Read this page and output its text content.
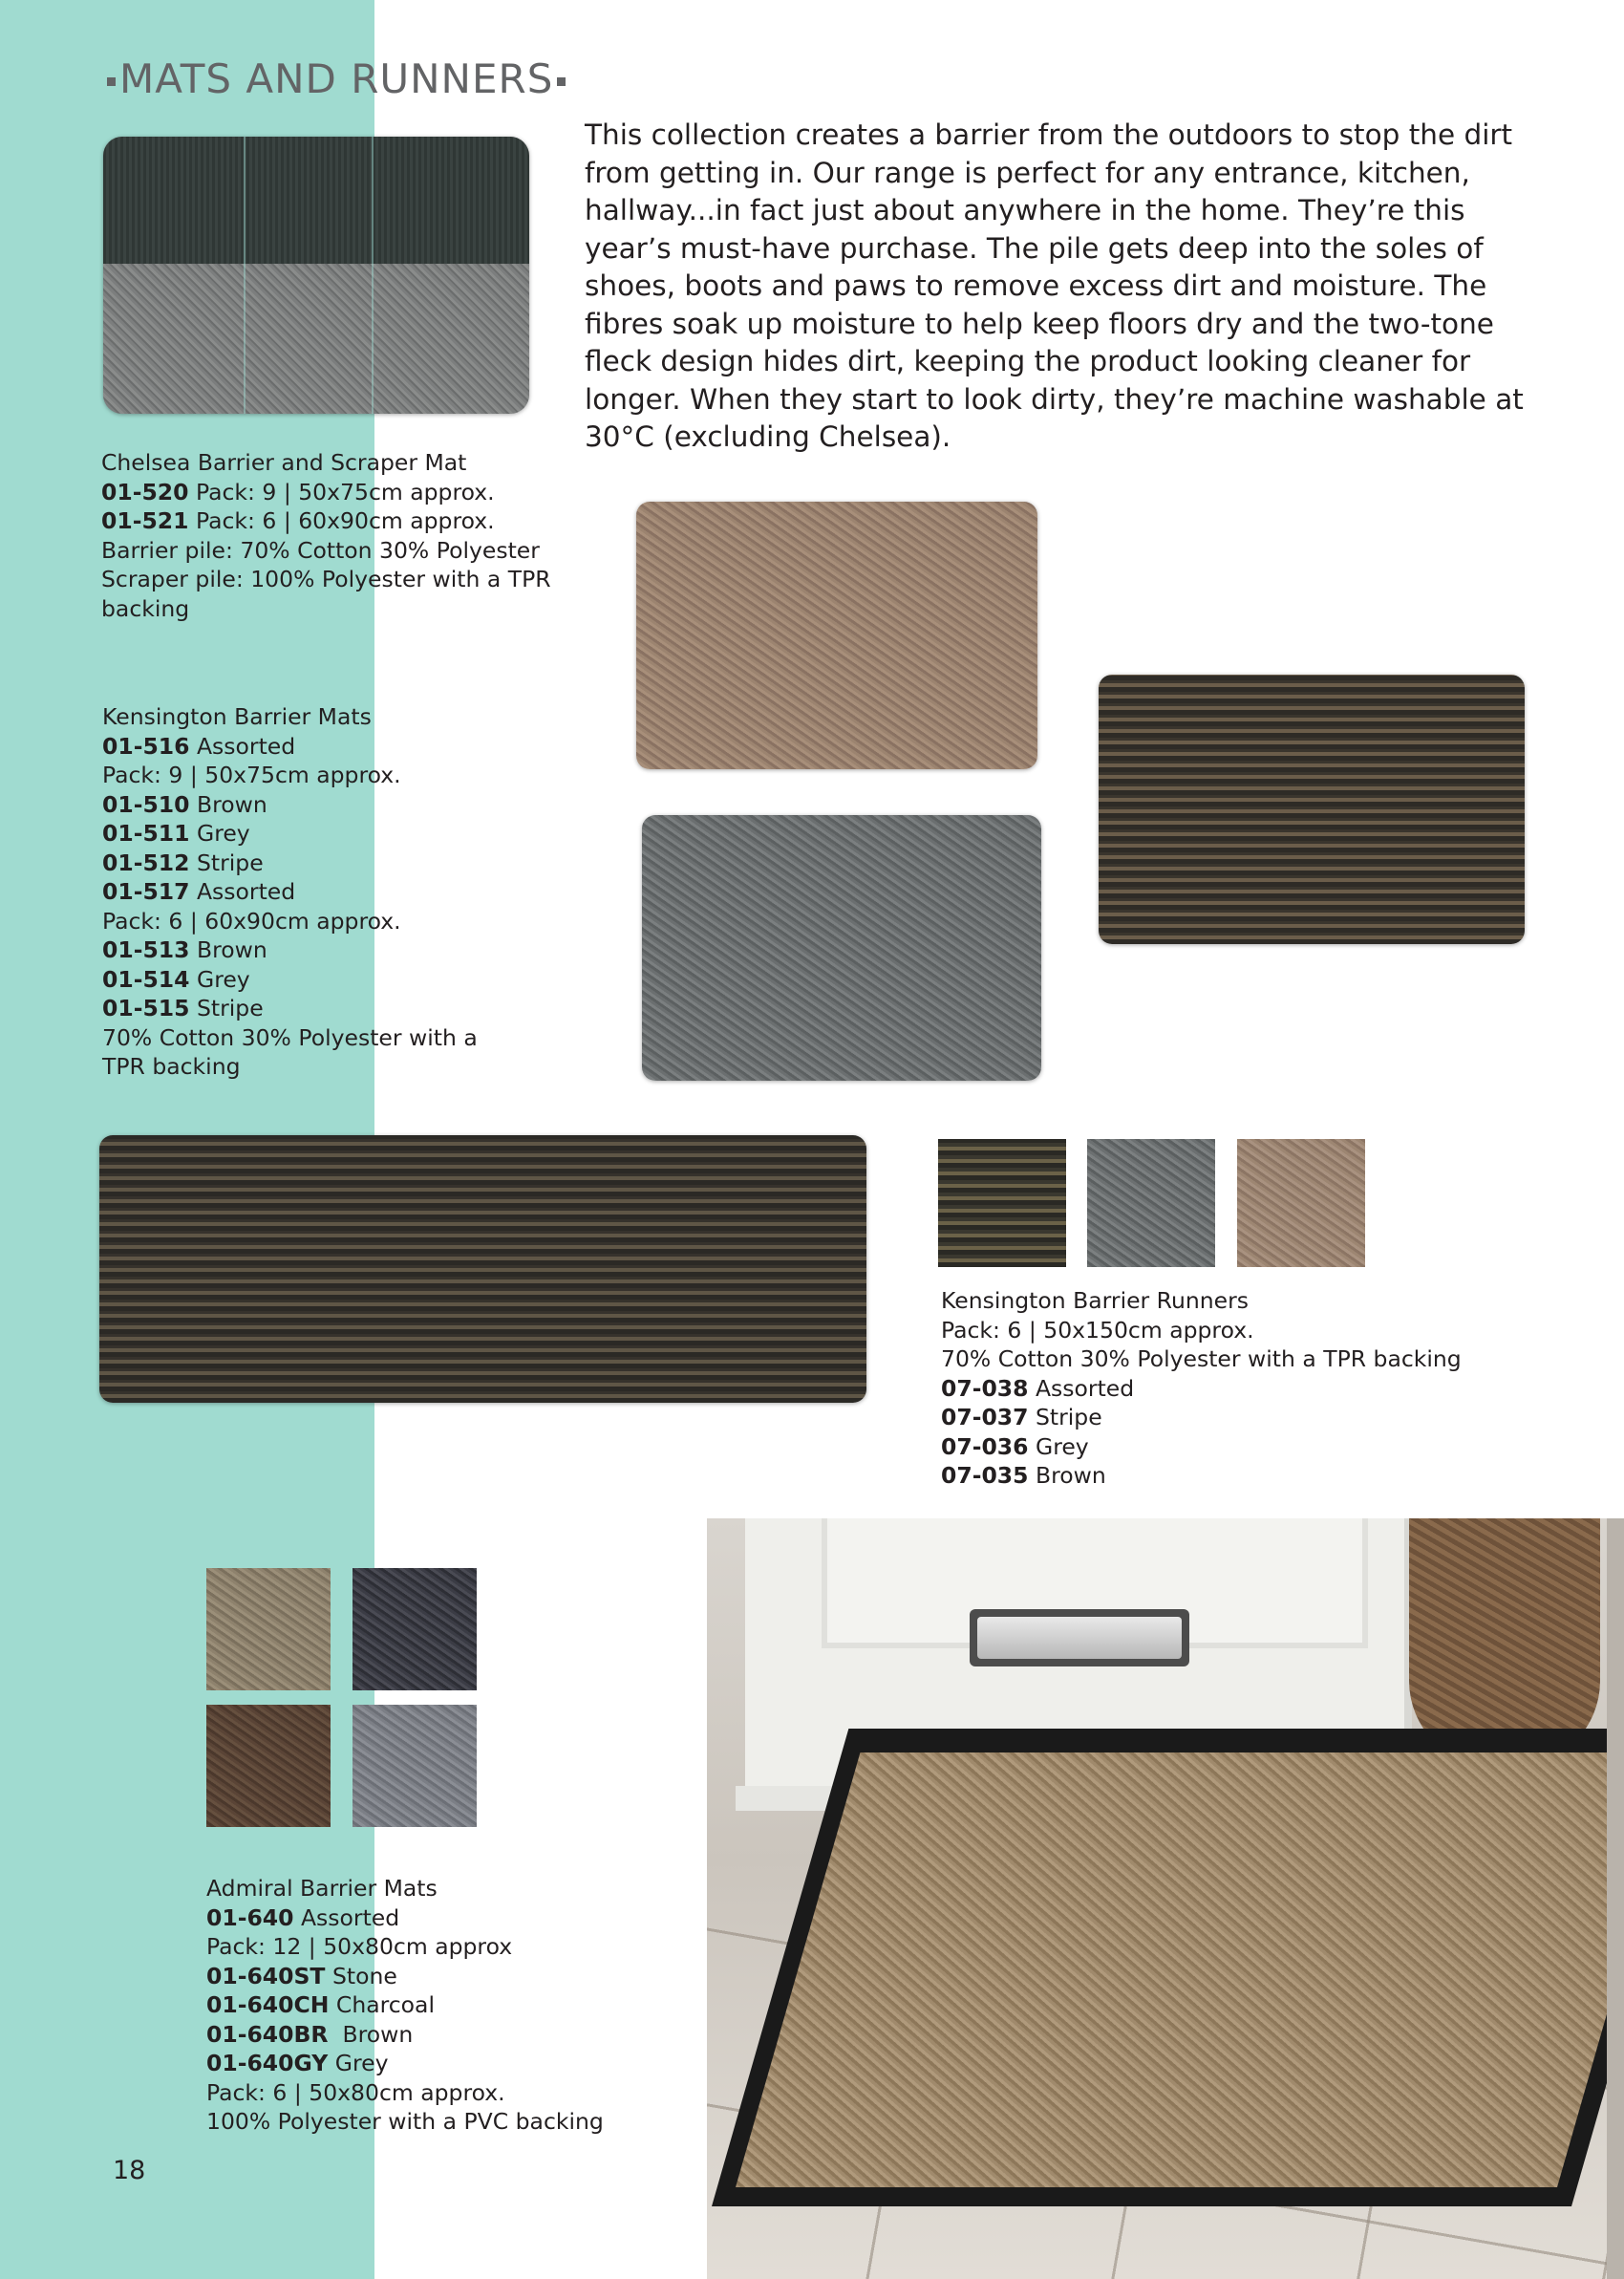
MATS AND RUNNERS
This collection creates a barrier from the outdoors to stop the dirt from getting in. Our range is perfect for any entrance, kitchen, hallway...in fact just about anywhere in the home. They’re this year’s must-have purchase. The pile gets deep into the soles of shoes, boots and paws to remove excess dirt and moisture. The fibres soak up moisture to help keep floors dry and the two-tone fleck design hides dirt, keeping the product looking cleaner for longer. When they start to look dirty, they’re machine washable at 30°C (excluding Chelsea).
Chelsea Barrier and Scraper Mat
01-520 Pack: 9 | 50x75cm approx.
01-521 Pack: 6 | 60x90cm approx.
Barrier pile: 70% Cotton 30% Polyester
Scraper pile: 100% Polyester with a TPR
backing
Kensington Barrier Mats
01-516 Assorted
Pack: 9 | 50x75cm approx.
01-510 Brown
01-511 Grey
01-512 Stripe
01-517 Assorted
Pack: 6 | 60x90cm approx.
01-513 Brown
01-514 Grey
01-515 Stripe
70% Cotton 30% Polyester with a
TPR backing
Kensington Barrier Runners
Pack: 6 | 50x150cm approx.
70% Cotton 30% Polyester with a TPR backing
07-038 Assorted
07-037 Stripe
07-036 Grey
07-035 Brown
Admiral Barrier Mats
01-640 Assorted
Pack: 12 | 50x80cm approx
01-640ST Stone
01-640CH Charcoal
01-640BR  Brown
01-640GY Grey
Pack: 6 | 50x80cm approx.
100% Polyester with a PVC backing
18
